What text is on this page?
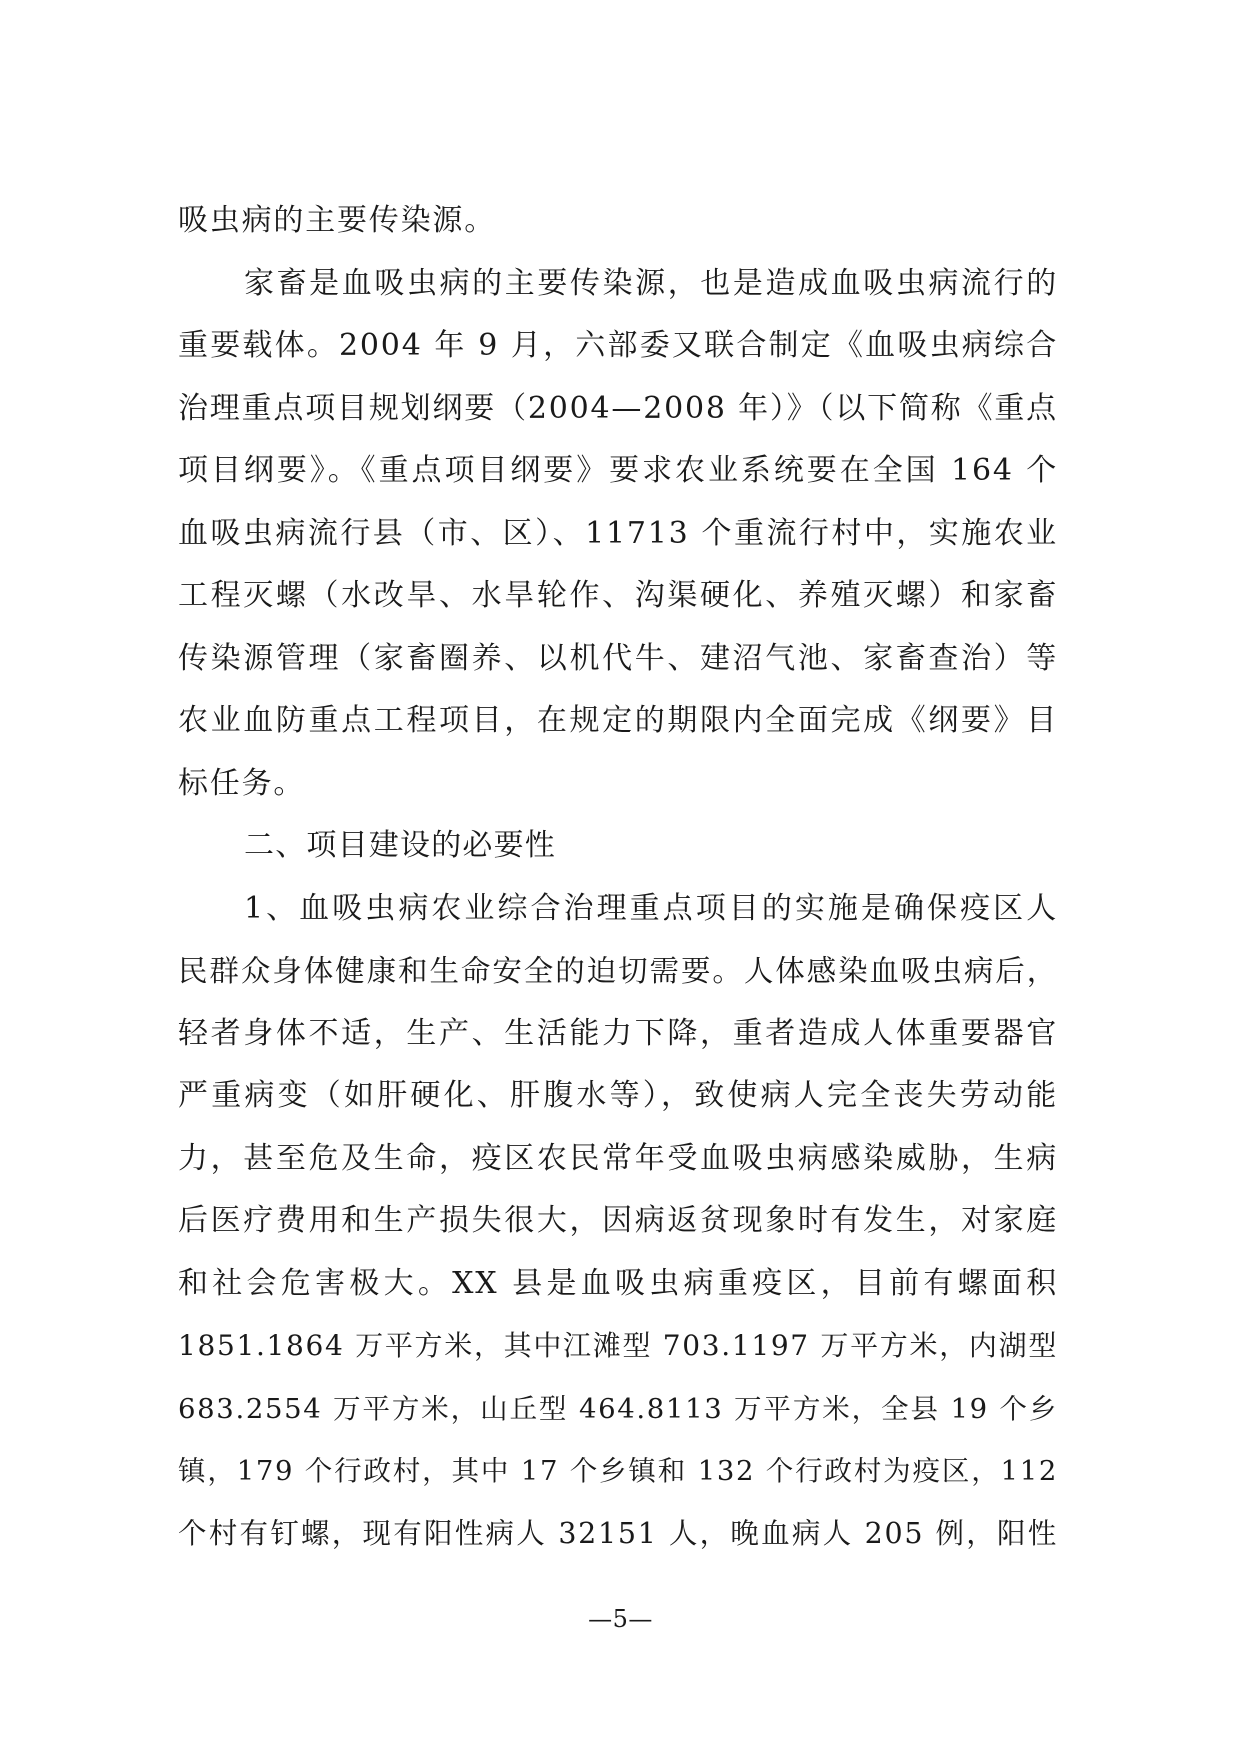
吸虫病的主要传染源。
家畜是血吸虫病的主要传染源，也是造成血吸虫病流行的
重要载体。2004 年 9 月，六部委又联合制定《血吸虫病综合
治理重点项目规划纲要（2004—2008 年）》（以下简称《重点
项目纲要》。《重点项目纲要》要求农业系统要在全国 164 个
血吸虫病流行县（市、区）、11713 个重流行村中，实施农业
工程灭螺（水改旱、水旱轮作、沟渠硬化、养殖灭螺）和家畜
传染源管理（家畜圈养、以机代牛、建沼气池、家畜查治）等
农业血防重点工程项目，在规定的期限内全面完成《纲要》目
标任务。
二、项目建设的必要性
1、血吸虫病农业综合治理重点项目的实施是确保疫区人
民群众身体健康和生命安全的迫切需要。人体感染血吸虫病后，
轻者身体不适，生产、生活能力下降，重者造成人体重要器官
严重病变（如肝硬化、肝腹水等），致使病人完全丧失劳动能
力，甚至危及生命，疫区农民常年受血吸虫病感染威胁，生病
后医疗费用和生产损失很大，因病返贫现象时有发生，对家庭
和社会危害极大。XX 县是血吸虫病重疫区，目前有螺面积
1851.1864 万平方米，其中江滩型 703.1197 万平方米，内湖型
683.2554 万平方米，山丘型 464.8113 万平方米，全县 19 个乡
镇，179 个行政村，其中 17 个乡镇和 132 个行政村为疫区，112
个村有钉螺，现有阳性病人 32151 人，晚血病人 205 例，阳性
—5—
